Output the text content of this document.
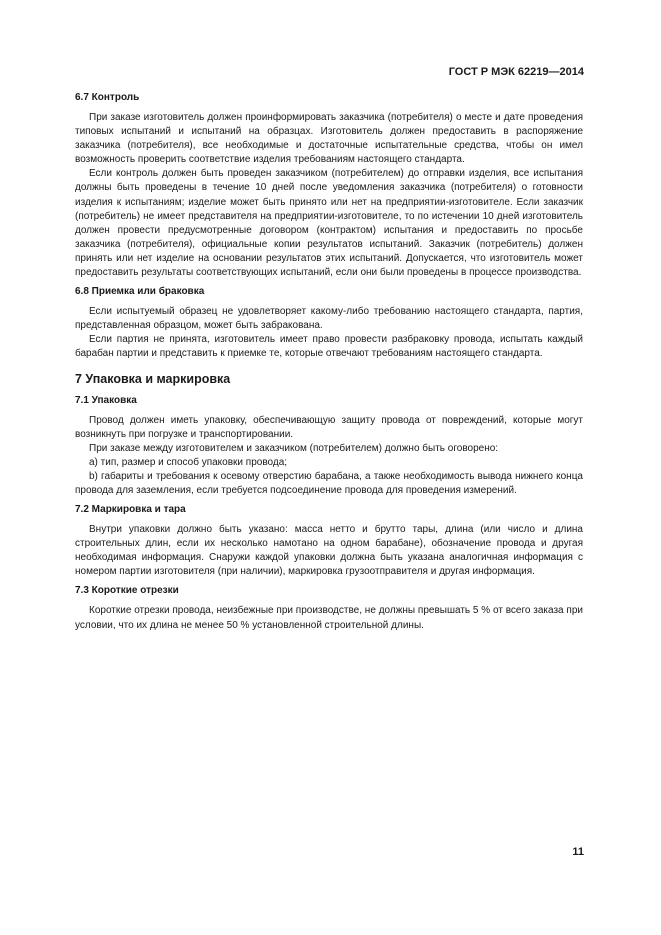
ГОСТ Р МЭК 62219—2014
6.7 Контроль

При заказе изготовитель должен проинформировать заказчика (потребителя) о месте и дате проведения типовых испытаний и испытаний на образцах. Изготовитель должен предоставить в распоряжение заказчика (потребителя), все необходимые и достаточные испытательные средства, чтобы он имел возможность проверить соответствие изделия требованиям настоящего стандарта.

Если контроль должен быть проведен заказчиком (потребителем) до отправки изделия, все испытания должны быть проведены в течение 10 дней после уведомления заказчика (потребителя) о готовности изделия к испытаниям; изделие может быть принято или нет на предприятии-изготовителе. Если заказчик (потребитель) не имеет представителя на предприятии-изготовителе, то по истечении 10 дней изготовитель должен провести предусмотренные договором (контрактом) испытания и предоставить по просьбе заказчика (потребителя), официальные копии результатов испытаний. Заказчик (потребитель) должен принять или нет изделие на основании результатов этих испытаний. Допускается, что изготовитель может предоставить результаты соответствующих испытаний, если они были проведены в процессе производства.

6.8 Приемка или браковка

Если испытуемый образец не удовлетворяет какому-либо требованию настоящего стандарта, партия, представленная образцом, может быть забракована.

Если партия не принята, изготовитель имеет право провести разбраковку провода, испытать каждый барабан партии и представить к приемке те, которые отвечают требованиям настоящего стандарта.

7 Упаковка и маркировка
7.1 Упаковка

Провод должен иметь упаковку, обеспечивающую защиту провода от повреждений, которые могут возникнуть при погрузке и транспортировании.

При заказе между изготовителем и заказчиком (потребителем) должно быть оговорено:

a) тип, размер и способ упаковки провода;

b) габариты и требования к осевому отверстию барабана, а также необходимость вывода нижнего конца провода для заземления, если требуется подсоединение провода для проведения измерений.

7.2 Маркировка и тара

Внутри упаковки должно быть указано: масса нетто и брутто тары, длина (или число и длина строительных длин, если их несколько намотано на одном барабане), обозначение провода и другая необходимая информация. Снаружи каждой упаковки должна быть указана аналогичная информация с номером партии изготовителя (при наличии), маркировка грузоотправителя и другая информация.

7.3 Короткие отрезки

Короткие отрезки провода, неизбежные при производстве, не должны превышать 5 % от всего заказа при условии, что их длина не менее 50 % установленной строительной длины.

11
